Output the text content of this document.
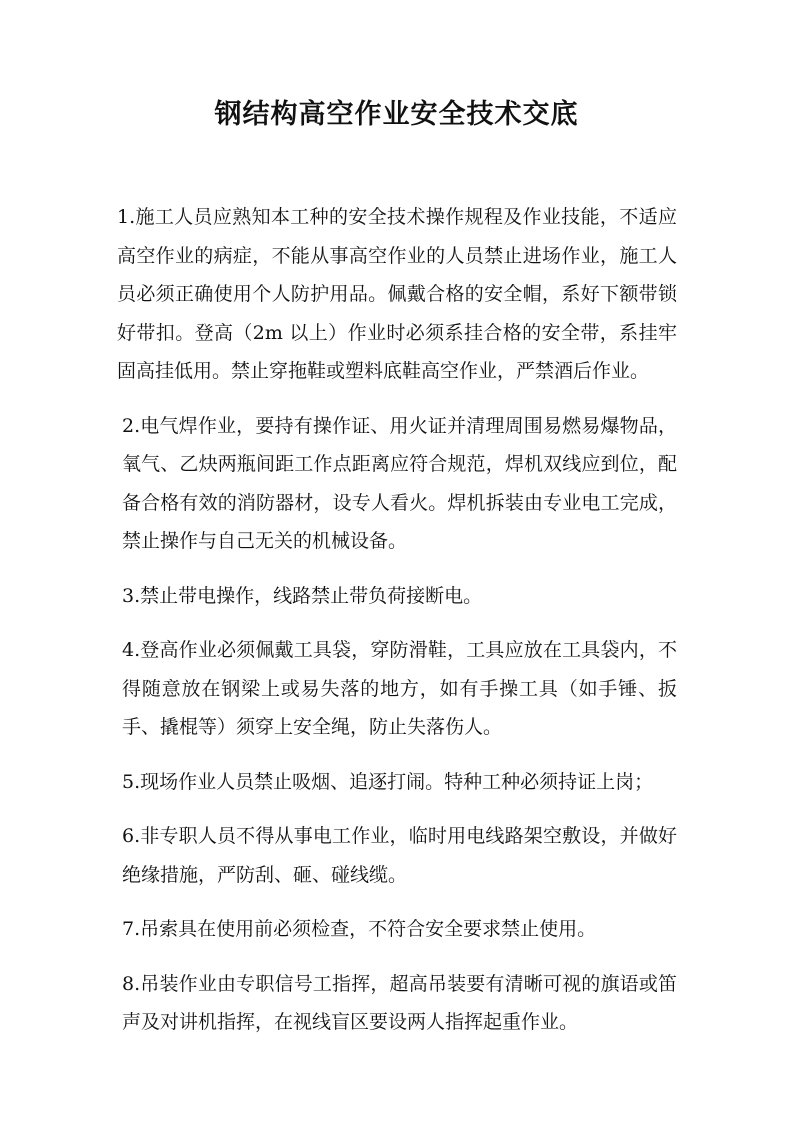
钢结构高空作业安全技术交底

1.施工人员应熟知本工种的安全技术操作规程及作业技能，不适应高空作业的病症，不能从事高空作业的人员禁止进场作业，施工人员必须正确使用个人防护用品。佩戴合格的安全帽，系好下额带锁好带扣。登高（2m 以上）作业时必须系挂合格的安全带，系挂牢固高挂低用。禁止穿拖鞋或塑料底鞋高空作业，严禁酒后作业。

2.电气焊作业，要持有操作证、用火证并清理周围易燃易爆物品，氧气、乙炔两瓶间距工作点距离应符合规范，焊机双线应到位，配备合格有效的消防器材，设专人看火。焊机拆装由专业电工完成，禁止操作与自己无关的机械设备。

3.禁止带电操作，线路禁止带负荷接断电。

4.登高作业必须佩戴工具袋，穿防滑鞋，工具应放在工具袋内，不得随意放在钢梁上或易失落的地方，如有手操工具（如手锤、扳手、撬棍等）须穿上安全绳，防止失落伤人。

5.现场作业人员禁止吸烟、追逐打闹。特种工种必须持证上岗；

6.非专职人员不得从事电工作业，临时用电线路架空敷设，并做好绝缘措施，严防刮、砸、碰线缆。

7.吊索具在使用前必须检查，不符合安全要求禁止使用。

8.吊装作业由专职信号工指挥，超高吊装要有清晰可视的旗语或笛声及对讲机指挥，在视线盲区要设两人指挥起重作业。
